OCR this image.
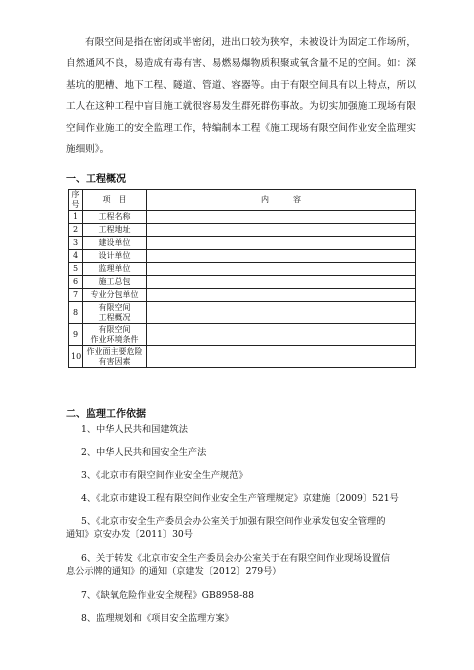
有限空间是指在密闭或半密闭，进出口较为狭窄，未被设计为固定工作场所，自然通风不良，易造成有毒有害、易燃易爆物质积聚或氧含量不足的空间。如：深基坑的肥槽、地下工程、隧道、管道、容器等。由于有限空间具有以上特点，所以工人在这种工程中盲目施工就很容易发生群死群伤事故。为切实加强施工现场有限空间作业施工的安全监理工作，特编制本工程《施工现场有限空间作业安全监理实施细则》。

一、工程概况

序号	项　目	内　　　容
1	工程名称	
2	工程地址	
3	建设单位	
4	设计单位	
5	监理单位	
6	施工总包	
7	专业分包单位	
8	有限空间
工程概况	

9	有限空间
作业环境条件	

10	作业面主要危险
有害因素	

二、监理工作依据

1、中华人民共和国建筑法
2、中华人民共和国安全生产法
3、《北京市有限空间作业安全生产规范》
4、《北京市建设工程有限空间作业安全生产管理规定》京建施〔2009〕521号
5、《北京市安全生产委员会办公室关于加强有限空间作业承发包安全管理的
通知》京安办发〔2011〕30号
6、关于转发《北京市安全生产委员会办公室关于在有限空间作业现场设置信
息公示牌的通知》的通知（京建发〔2012〕279号）
7、《缺氧危险作业安全规程》GB8958-88
8、监理规划和《项目安全监理方案》
